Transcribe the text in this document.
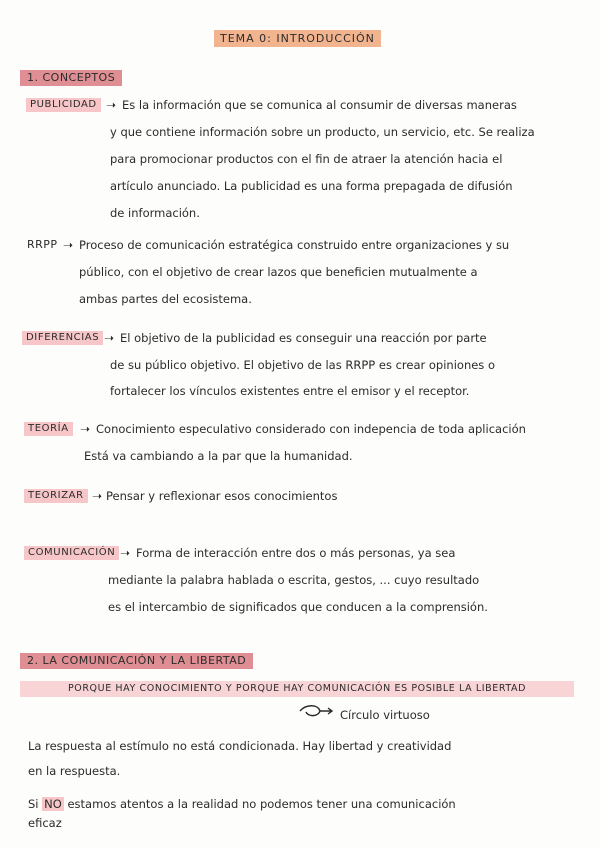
TEMA 0: INTRODUCCIÓN
1. CONCEPTOS
PUBLICIDAD ➝ Es la información que se comunica al consumir de diversas maneras
y que contiene información sobre un producto, un servicio, etc. Se realiza
para promocionar productos con el fin de atraer la atención hacia el
artículo anunciado. La publicidad es una forma prepagada de difusión
de información.
RRPP ➝ Proceso de comunicación estratégica construido entre organizaciones y su
público, con el objetivo de crear lazos que beneficien mutualmente a
ambas partes del ecosistema.
DIFERENCIAS ➝ El objetivo de la publicidad es conseguir una reacción por parte
de su público objetivo. El objetivo de las RRPP es crear opiniones o
fortalecer los vínculos existentes entre el emisor y el receptor.
TEORÍA ➝ Conocimiento especulativo considerado con indepencia de toda aplicación
Está va cambiando a la par que la humanidad.
TEORIZAR ➝ Pensar y reflexionar esos conocimientos
COMUNICACIÓN ➝ Forma de interacción entre dos o más personas, ya sea
mediante la palabra hablada o escrita, gestos, ... cuyo resultado
es el intercambio de significados que conducen a la comprensión.
2. LA COMUNICACIÓN Y LA LIBERTAD
PORQUE HAY CONOCIMIENTO Y PORQUE HAY COMUNICACIÓN ES POSIBLE LA LIBERTAD
Círculo virtuoso
La respuesta al estímulo no está condicionada. Hay libertad y creatividad
en la respuesta.
Si NO estamos atentos a la realidad no podemos tener una comunicación
eficaz
